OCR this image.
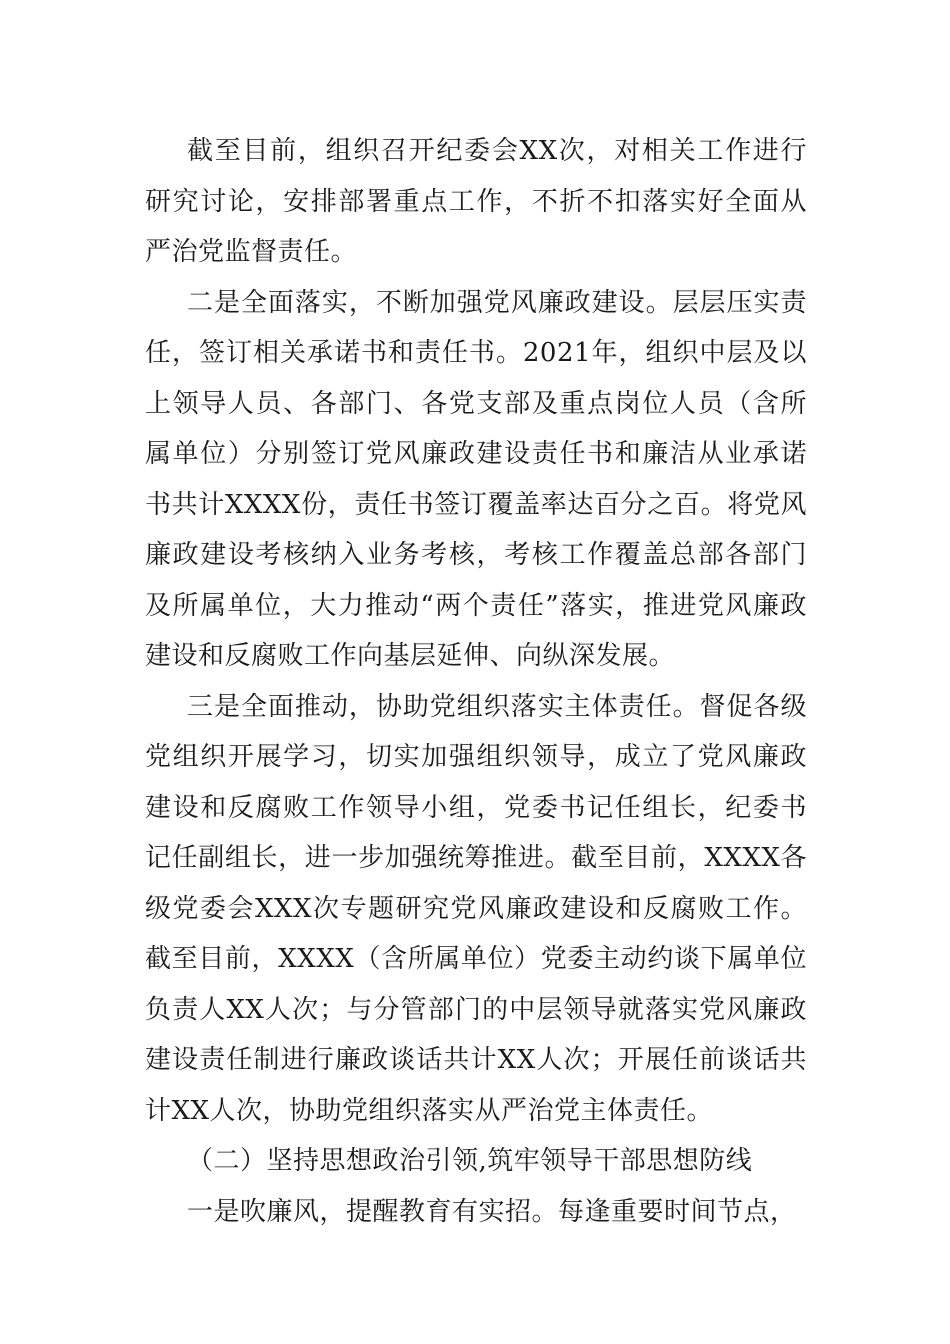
截至目前，组织召开纪委会XX次，对相关工作进行研究讨论，安排部署重点工作，不折不扣落实好全面从严治党监督责任。

二是全面落实，不断加强党风廉政建设。层层压实责任，签订相关承诺书和责任书。2021年，组织中层及以上领导人员、各部门、各党支部及重点岗位人员（含所属单位）分别签订党风廉政建设责任书和廉洁从业承诺书共计XXXX份，责任书签订覆盖率达百分之百。将党风廉政建设考核纳入业务考核，考核工作覆盖总部各部门及所属单位，大力推动“两个责任”落实，推进党风廉政建设和反腐败工作向基层延伸、向纵深发展。

三是全面推动，协助党组织落实主体责任。督促各级党组织开展学习，切实加强组织领导，成立了党风廉政建设和反腐败工作领导小组，党委书记任组长，纪委书记任副组长，进一步加强统筹推进。截至目前，XXXX各级党委会XXX次专题研究党风廉政建设和反腐败工作。截至目前，XXXX（含所属单位）党委主动约谈下属单位负责人XX人次；与分管部门的中层领导就落实党风廉政建设责任制进行廉政谈话共计XX人次；开展任前谈话共计XX人次，协助党组织落实从严治党主体责任。

（二）坚持思想政治引领,筑牢领导干部思想防线

一是吹廉风，提醒教育有实招。每逢重要时间节点，
